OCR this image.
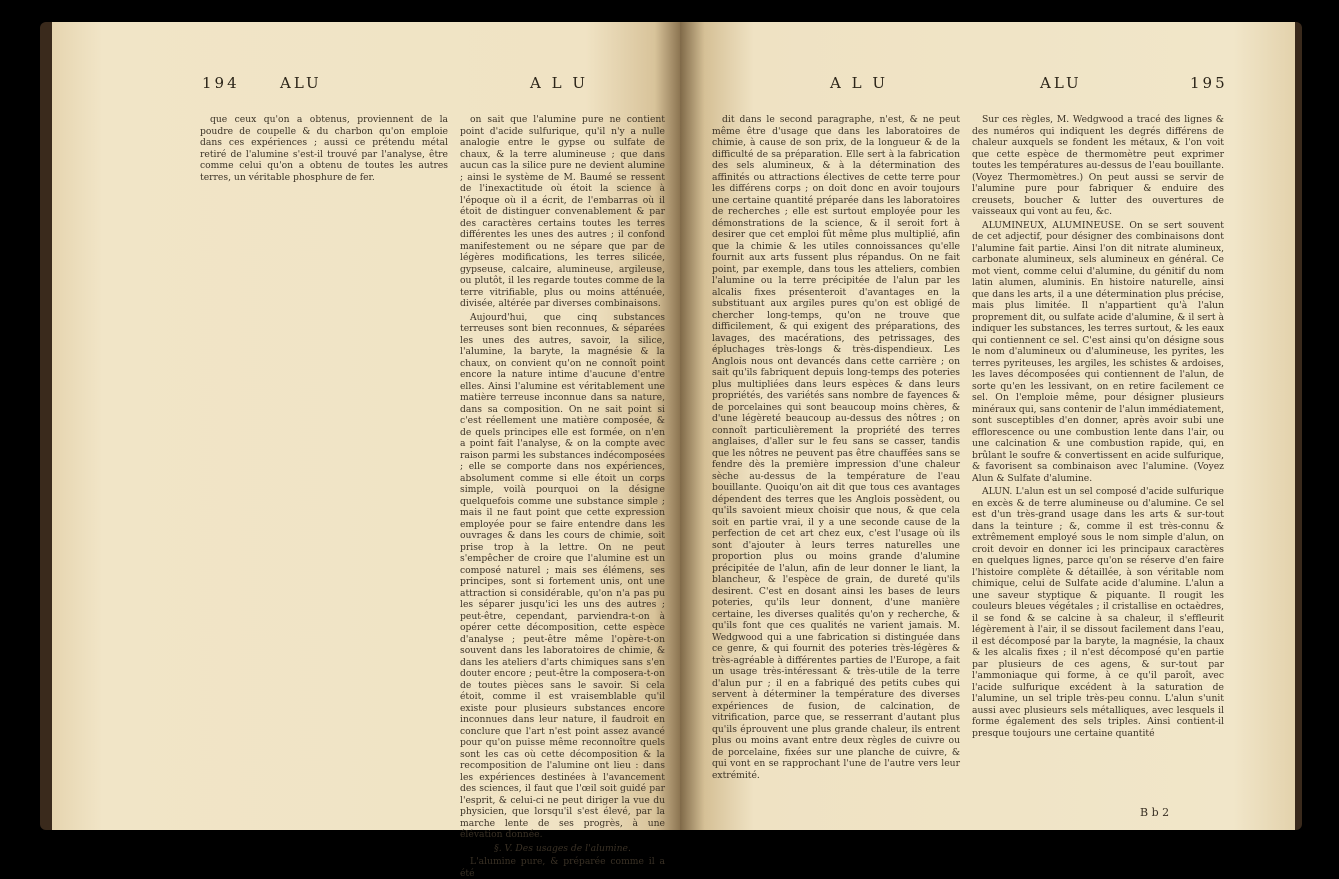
194	ALU	A L U

que ceux qu'on a obtenus, proviennent de la poudre de coupelle & du charbon qu'on emploie dans ces expériences ; aussi ce prétendu métal retiré de l'alumine s'est-il trouvé par l'analyse, être comme celui qu'on a obtenu de toutes les autres terres, un véritable phosphure de fer.

on sait que l'alumine pure ne contient point d'acide sulfurique, qu'il n'y a nulle analogie entre le gypse ou sulfate de chaux, & la terre alumineuse ; que dans aucun cas la silice pure ne devient alumine ; ainsi le système de M. Baumé se ressent de l'inexactitude où étoit la science à l'époque où il a écrit, de l'embarras où il étoit de distinguer convenablement & par des caractères certains toutes les terres différentes les unes des autres ; il confond manifestement ou ne sépare que par de légères modifications, les terres silicée, gypseuse, calcaire, alumineuse, argileuse, ou plutôt, il les regarde toutes comme de la terre vitrifiable, plus ou moins atténuée, divisée, altérée par diverses combinaisons.

Aujourd'hui, que cinq substances terreuses sont bien reconnues, & séparées les unes des autres, savoir, la silice, l'alumine, la baryte, la magnésie & la chaux, on convient qu'on ne connoît point encore la nature intime d'aucune d'entre elles. Ainsi l'alumine est véritablement une matière terreuse inconnue dans sa nature, dans sa composition. On ne sait point si c'est réellement une matière composée, & de quels principes elle est formée, on n'en a point fait l'analyse, & on la compte avec raison parmi les substances indécomposées ; elle se comporte dans nos expériences, absolument comme si elle étoit un corps simple, voilà pourquoi on la désigne quelquefois comme une substance simple ; mais il ne faut point que cette expression employée pour se faire entendre dans les ouvrages & dans les cours de chimie, soit prise trop à la lettre. On ne peut s'empêcher de croire que l'alumine est un composé naturel ; mais ses élémens, ses principes, sont si fortement unis, ont une attraction si considérable, qu'on n'a pas pu les séparer jusqu'ici les uns des autres ; peut-être, cependant, parviendra-t-on à opérer cette décomposition, cette espèce d'analyse ; peut-être même l'opère-t-on souvent dans les laboratoires de chimie, & dans les ateliers d'arts chimiques sans s'en douter encore ; peut-être la composera-t-on de toutes pièces sans le savoir. Si cela étoit, comme il est vraisemblable qu'il existe pour plusieurs substances encore inconnues dans leur nature, il faudroit en conclure que l'art n'est point assez avancé pour qu'on puisse même reconnoître quels sont les cas où cette décomposition & la recomposition de l'alumine ont lieu : dans les expériences destinées à l'avancement des sciences, il faut que l'œil soit guidé par l'esprit, & celui-ci ne peut diriger la vue du physicien, que lorsqu'il s'est élevé, par la marche lente de ses progrès, à une élévation donnée.

§. V. Des usages de l'alumine.

L'alumine pure, & préparée comme il a été

A L U	ALU	195

dit dans le second paragraphe, n'est, & ne peut même être d'usage que dans les laboratoires de chimie, à cause de son prix, de la longueur & de la difficulté de sa préparation. Elle sert à la fabrication des sels alumineux, & à la détermination des affinités ou attractions électives de cette terre pour les différens corps ; on doit donc en avoir toujours une certaine quantité préparée dans les laboratoires de recherches ; elle est surtout employée pour les démonstrations de la science, & il seroit fort à desirer que cet emploi fût même plus multiplié, afin que la chimie & les utiles connoissances qu'elle fournit aux arts fussent plus répandus. On ne fait point, par exemple, dans tous les atteliers, combien l'alumine ou la terre précipitée de l'alun par les alcalis fixes présenteroit d'avantages en la substituant aux argiles pures qu'on est obligé de chercher long-temps, qu'on ne trouve que difficilement, & qui exigent des préparations, des lavages, des macérations, des petrissages, des épluchages très-longs & très-dispendieux. Les Anglois nous ont devancés dans cette carrière ; on sait qu'ils fabriquent depuis long-temps des poteries plus multipliées dans leurs espèces & dans leurs propriétés, des variétés sans nombre de fayences & de porcelaines qui sont beaucoup moins chères, & d'une légèreté beaucoup au-dessus des nôtres ; on connoît particulièrement la propriété des terres anglaises, d'aller sur le feu sans se casser, tandis que les nôtres ne peuvent pas être chauffées sans se fendre dès la première impression d'une chaleur sèche au-dessus de la température de l'eau bouillante. Quoiqu'on ait dit que tous ces avantages dépendent des terres que les Anglois possèdent, ou qu'ils savoient mieux choisir que nous, & que cela soit en partie vrai, il y a une seconde cause de la perfection de cet art chez eux, c'est l'usage où ils sont d'ajouter à leurs terres naturelles une proportion plus ou moins grande d'alumine précipitée de l'alun, afin de leur donner le liant, la blancheur, & l'espèce de grain, de dureté qu'ils desirent. C'est en dosant ainsi les bases de leurs poteries, qu'ils leur donnent, d'une manière certaine, les diverses qualités qu'on y recherche, & qu'ils font que ces qualités ne varient jamais. M. Wedgwood qui a une fabrication si distinguée dans ce genre, & qui fournit des poteries très-légères & très-agréable à différentes parties de l'Europe, a fait un usage très-intéressant & très-utile de la terre d'alun pur ; il en a fabriqué des petits cubes qui servent à déterminer la température des diverses expériences de fusion, de calcination, de vitrification, parce que, se resserrant d'autant plus qu'ils éprouvent une plus grande chaleur, ils entrent plus ou moins avant entre deux règles de cuivre ou de porcelaine, fixées sur une planche de cuivre, & qui vont en se rapprochant l'une de l'autre vers leur extrémité.

Sur ces règles, M. Wedgwood a tracé des lignes & des numéros qui indiquent les degrés différens de chaleur auxquels se fondent les métaux, & l'on voit que cette espèce de thermomètre peut exprimer toutes les températures au-dessus de l'eau bouillante. (Voyez Thermomètres.) On peut aussi se servir de l'alumine pure pour fabriquer & enduire des creusets, boucher & lutter des ouvertures de vaisseaux qui vont au feu, &c.

ALUMINEUX, ALUMINEUSE. On se sert souvent de cet adjectif, pour désigner des combinaisons dont l'alumine fait partie. Ainsi l'on dit nitrate alumineux, carbonate alumineux, sels alumineux en général. Ce mot vient, comme celui d'alumine, du génitif du nom latin alumen, aluminis. En histoire naturelle, ainsi que dans les arts, il a une détermination plus précise, mais plus limitée. Il n'appartient qu'à l'alun proprement dit, ou sulfate acide d'alumine, & il sert à indiquer les substances, les terres surtout, & les eaux qui contiennent ce sel. C'est ainsi qu'on désigne sous le nom d'alumineux ou d'alumineuse, les pyrites, les terres pyriteuses, les argiles, les schistes & ardoises, les laves décomposées qui contiennent de l'alun, de sorte qu'en les lessivant, on en retire facilement ce sel. On l'emploie même, pour désigner plusieurs minéraux qui, sans contenir de l'alun immédiatement, sont susceptibles d'en donner, après avoir subi une efflorescence ou une combustion lente dans l'air, ou une calcination & une combustion rapide, qui, en brûlant le soufre & convertissent en acide sulfurique, & favorisent sa combinaison avec l'alumine. (Voyez Alun & Sulfate d'alumine.

ALUN. L'alun est un sel composé d'acide sulfurique en excès & de terre alumineuse ou d'alumine. Ce sel est d'un très-grand usage dans les arts & sur-tout dans la teinture ; &, comme il est très-connu & extrêmement employé sous le nom simple d'alun, on croit devoir en donner ici les principaux caractères en quelques lignes, parce qu'on se réserve d'en faire l'histoire complète & détaillée, à son véritable nom chimique, celui de Sulfate acide d'alumine. L'alun a une saveur styptique & piquante. Il rougit les couleurs bleues végétales ; il cristallise en octaèdres, il se fond & se calcine à sa chaleur, il s'effleurit légèrement à l'air, il se dissout facilement dans l'eau, il est décomposé par la baryte, la magnésie, la chaux & les alcalis fixes ; il n'est décomposé qu'en partie par plusieurs de ces agens, & sur-tout par l'ammoniaque qui forme, à ce qu'il paroît, avec l'acide sulfurique excédent à la saturation de l'alumine, un sel triple très-peu connu. L'alun s'unit aussi avec plusieurs sels métalliques, avec lesquels il forme également des sels triples. Ainsi contient-il presque toujours une certaine quantité

B b 2
